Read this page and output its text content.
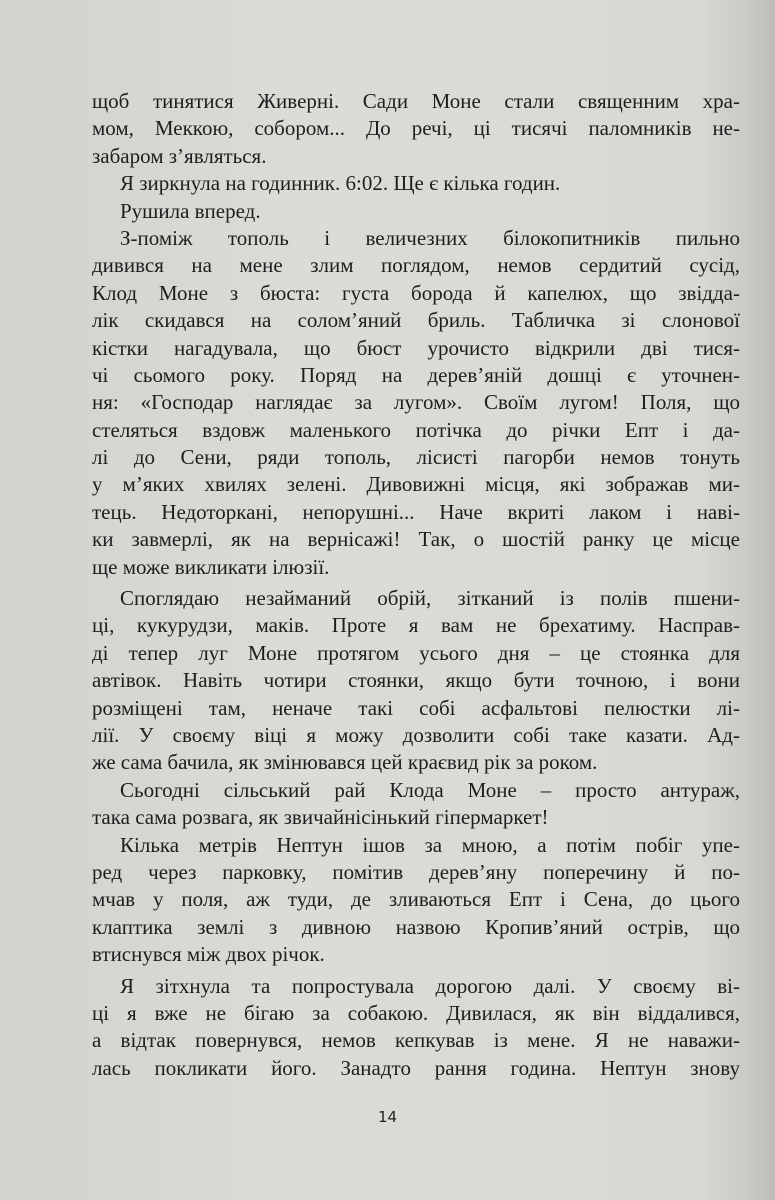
щоб тинятися Живерні. Сади Моне стали священним хра-
мом, Меккою, собором... До речі, ці тисячі паломників не-
забаром з’являться.
Я зиркнула на годинник. 6:02. Ще є кілька годин.
Рушила вперед.
З-поміж тополь і величезних білокопитників пильно
дивився на мене злим поглядом, немов сердитий сусід,
Клод Моне з бюста: густа борода й капелюх, що звідда-
лік скидався на солом’яний бриль. Табличка зі слонової
кістки нагадувала, що бюст урочисто відкрили дві тися-
чі сьомого року. Поряд на дерев’яній дошці є уточнен-
ня: «Господар наглядає за лугом». Своїм лугом! Поля, що
стеляться вздовж маленького потічка до річки Епт і да-
лі до Сени, ряди тополь, лісисті пагорби немов тонуть
у м’яких хвилях зелені. Дивовижні місця, які зображав ми-
тець. Недоторкані, непорушні... Наче вкриті лаком і наві-
ки завмерлі, як на вернісажі! Так, о шостій ранку це місце
ще може викликати ілюзії.
Споглядаю незайманий обрій, зітканий із полів пшени-
ці, кукурудзи, маків. Проте я вам не брехатиму. Насправ-
ді тепер луг Моне протягом усього дня – це стоянка для
автівок. Навіть чотири стоянки, якщо бути точною, і вони
розміщені там, неначе такі собі асфальтові пелюстки лі-
лії. У своєму віці я можу дозволити собі таке казати. Ад-
же сама бачила, як змінювався цей краєвид рік за роком.
Сьогодні сільський рай Клода Моне – просто антураж,
така сама розвага, як звичайнісінький гіпермаркет!
Кілька метрів Нептун ішов за мною, а потім побіг упе-
ред через парковку, помітив дерев’яну поперечину й по-
мчав у поля, аж туди, де зливаються Епт і Сена, до цього
клаптика землі з дивною назвою Кропив’яний острів, що
втиснувся між двох річок.
Я зітхнула та попростувала дорогою далі. У своєму ві-
ці я вже не бігаю за собакою. Дивилася, як він віддалився,
а відтак повернувся, немов кепкував із мене. Я не наважи-
лась покликати його. Занадто рання година. Нептун знову
14
